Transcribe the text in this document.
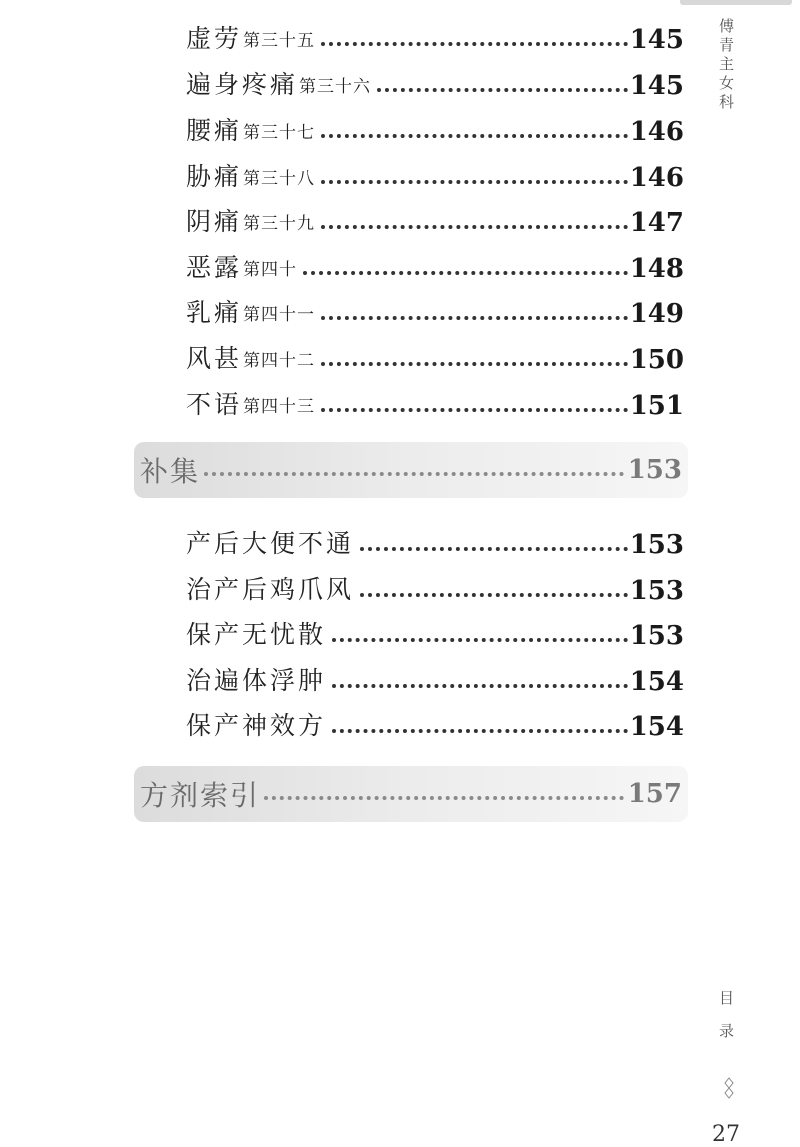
虚劳 第三十五	145
遍身疼痛 第三十六	145
腰痛 第三十七	146
胁痛 第三十八	146
阴痛 第三十九	147
恶露 第四十	148
乳痛 第四十一	149
风甚 第四十二	150
不语 第四十三	151
补集	153
产后大便不通	153
治产后鸡爪风	153
保产无忧散	153
治遍体浮肿	154
保产神效方	154
方剂索引	157
傅青主女科
目录
27
